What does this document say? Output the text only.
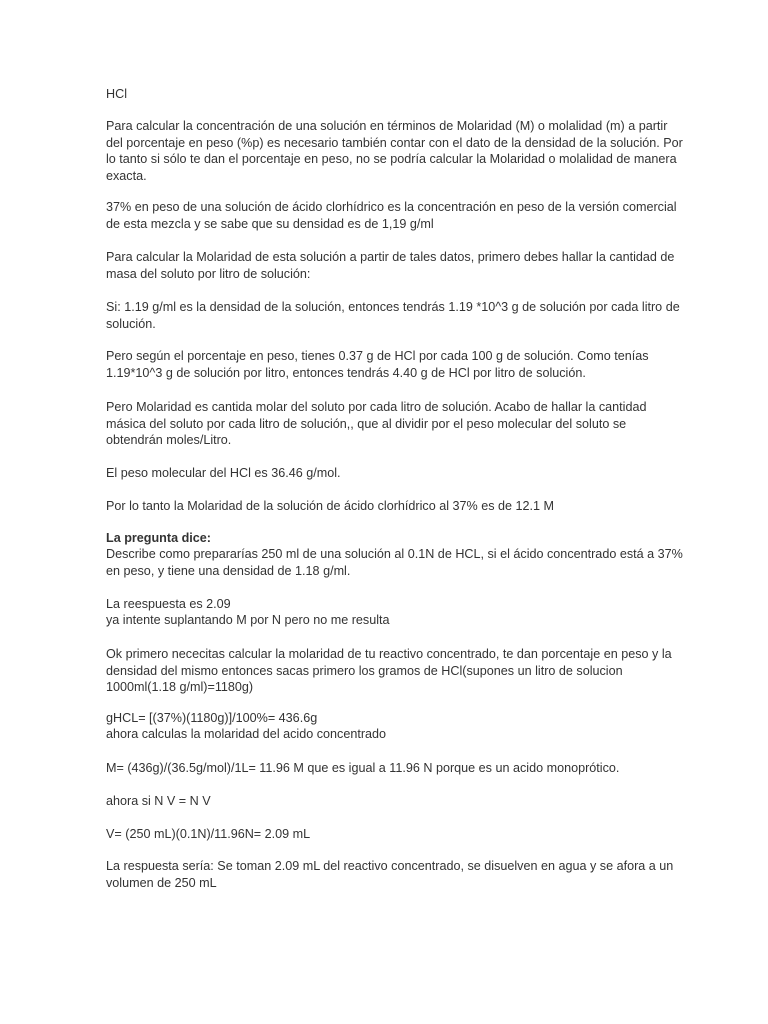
HCl

Para calcular la concentración de una solución en términos de Molaridad (M) o molalidad (m) a partir del porcentaje en peso (%p) es necesario también contar con el dato de la densidad de la solución. Por lo tanto si sólo te dan el porcentaje en peso, no se podría calcular la Molaridad o molalidad de manera exacta.

37% en peso de una solución de ácido clorhídrico es la concentración en peso de la versión comercial de esta mezcla y se sabe que su densidad es de 1,19 g/ml

Para calcular la Molaridad de esta solución a partir de tales datos, primero debes hallar la cantidad de masa del soluto por litro de solución:

Si: 1.19 g/ml es la densidad de la solución, entonces tendrás 1.19 *10^3 g de solución por cada litro de solución.

Pero según el porcentaje en peso, tienes 0.37 g de HCl por cada 100 g de solución. Como tenías 1.19*10^3 g de solución por litro, entonces tendrás 4.40 g de HCl por litro de solución.

Pero Molaridad es cantida molar del soluto por cada litro de solución. Acabo de hallar la cantidad másica del soluto por cada litro de solución,, que al dividir por el peso molecular del soluto se obtendrán moles/Litro.

El peso molecular del HCl es 36.46 g/mol.

Por lo tanto la Molaridad de la solución de ácido clorhídrico al 37% es de 12.1 M

La pregunta dice:

Describe como prepararías 250 ml de una solución al 0.1N de HCL, si el ácido concentrado está a 37% en peso, y tiene una densidad de 1.18 g/ml.

La reespuesta es 2.09

ya intente suplantando M por N pero no me resulta

Ok primero nececitas calcular la molaridad de tu reactivo concentrado, te dan porcentaje en peso y la densidad del mismo entonces sacas primero los gramos de HCl(supones un litro de solucion 1000ml(1.18 g/ml)=1180g)

gHCL= [(37%)(1180g)]/100%= 436.6g

ahora calculas la molaridad del acido concentrado

M= (436g)/(36.5g/mol)/1L= 11.96 M que es igual a 11.96 N porque es un acido monoprótico.

ahora si N V = N V

V= (250 mL)(0.1N)/11.96N= 2.09 mL

La respuesta sería: Se toman 2.09 mL del reactivo concentrado, se disuelven en agua y se afora a un volumen de 250 mL
